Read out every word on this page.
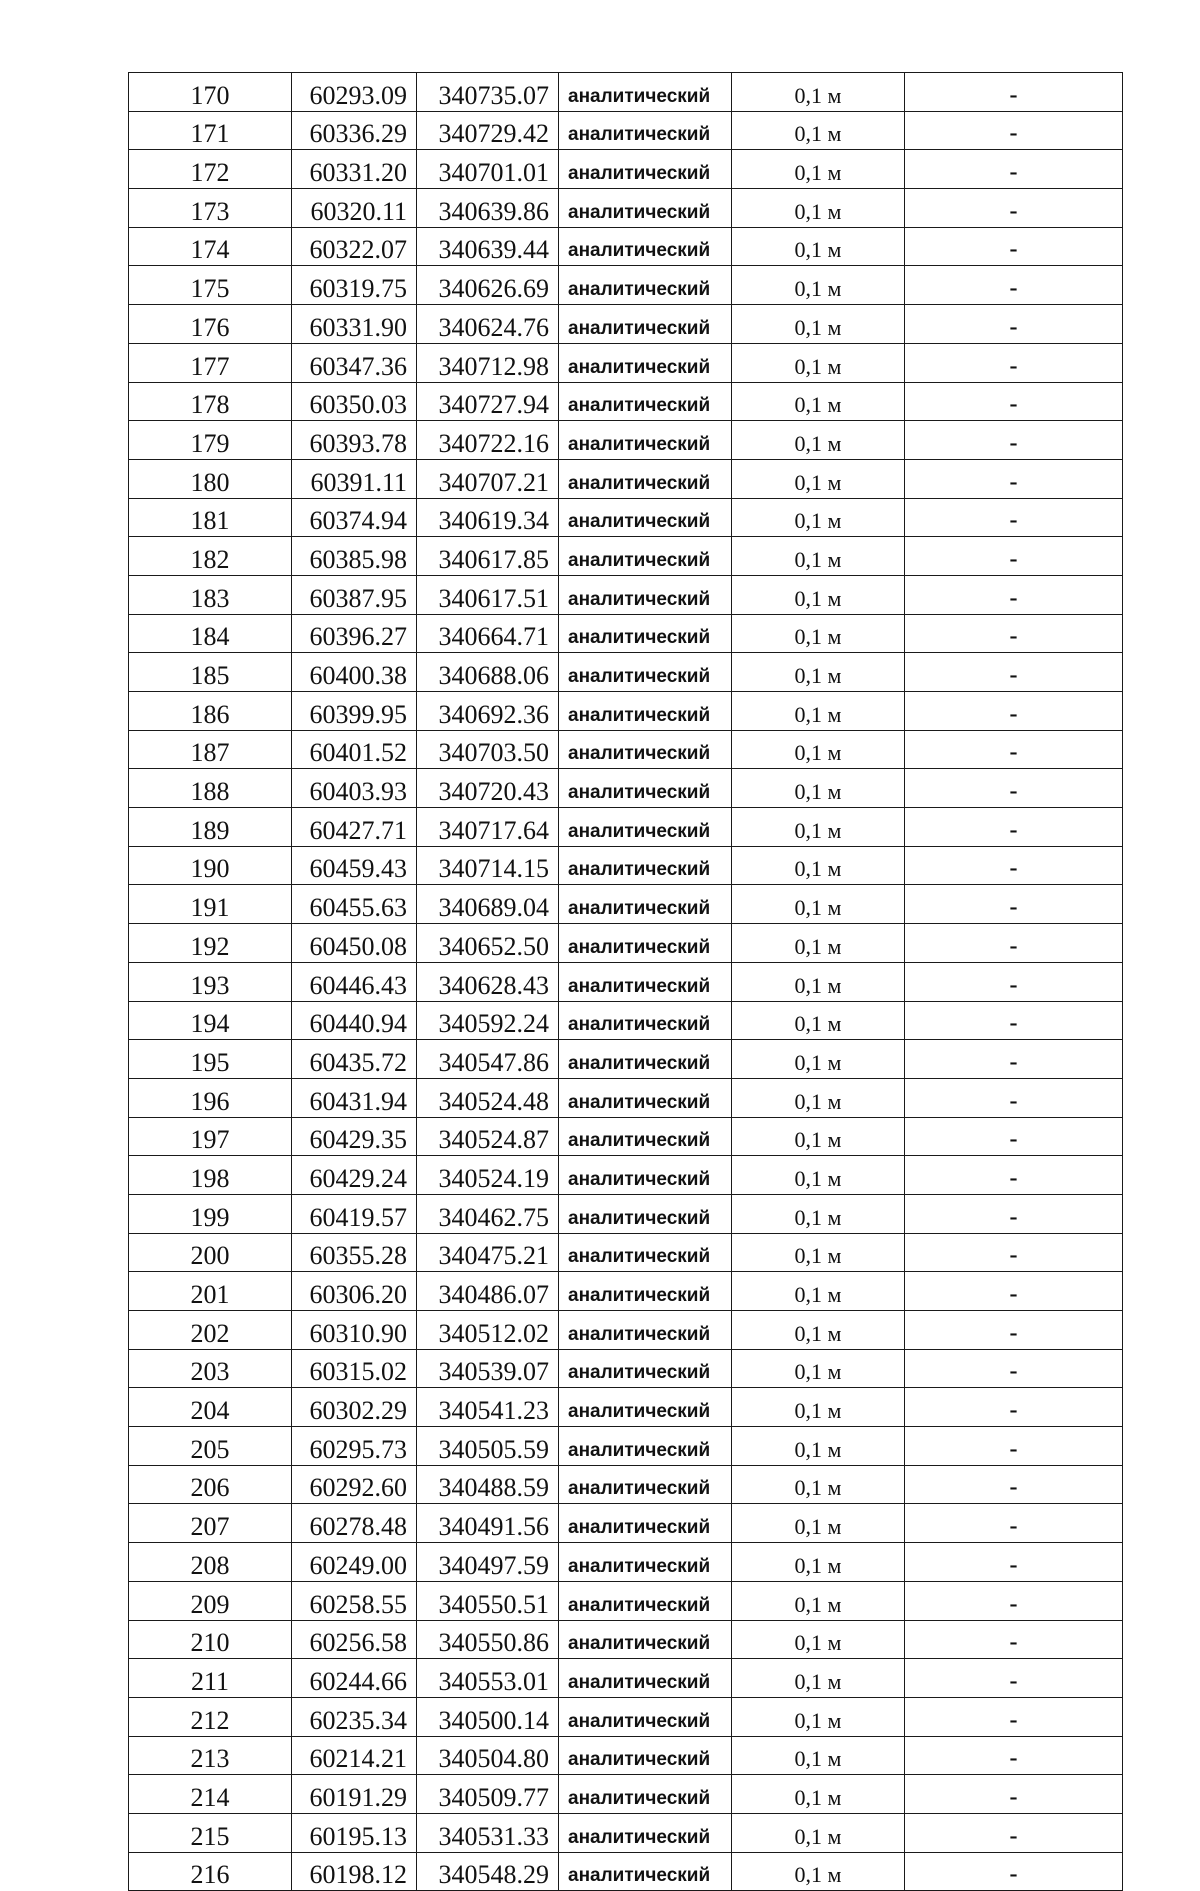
170	60293.09	340735.07	аналитический	0,1 м	-
171	60336.29	340729.42	аналитический	0,1 м	-
172	60331.20	340701.01	аналитический	0,1 м	-
173	60320.11	340639.86	аналитический	0,1 м	-
174	60322.07	340639.44	аналитический	0,1 м	-
175	60319.75	340626.69	аналитический	0,1 м	-
176	60331.90	340624.76	аналитический	0,1 м	-
177	60347.36	340712.98	аналитический	0,1 м	-
178	60350.03	340727.94	аналитический	0,1 м	-
179	60393.78	340722.16	аналитический	0,1 м	-
180	60391.11	340707.21	аналитический	0,1 м	-
181	60374.94	340619.34	аналитический	0,1 м	-
182	60385.98	340617.85	аналитический	0,1 м	-
183	60387.95	340617.51	аналитический	0,1 м	-
184	60396.27	340664.71	аналитический	0,1 м	-
185	60400.38	340688.06	аналитический	0,1 м	-
186	60399.95	340692.36	аналитический	0,1 м	-
187	60401.52	340703.50	аналитический	0,1 м	-
188	60403.93	340720.43	аналитический	0,1 м	-
189	60427.71	340717.64	аналитический	0,1 м	-
190	60459.43	340714.15	аналитический	0,1 м	-
191	60455.63	340689.04	аналитический	0,1 м	-
192	60450.08	340652.50	аналитический	0,1 м	-
193	60446.43	340628.43	аналитический	0,1 м	-
194	60440.94	340592.24	аналитический	0,1 м	-
195	60435.72	340547.86	аналитический	0,1 м	-
196	60431.94	340524.48	аналитический	0,1 м	-
197	60429.35	340524.87	аналитический	0,1 м	-
198	60429.24	340524.19	аналитический	0,1 м	-
199	60419.57	340462.75	аналитический	0,1 м	-
200	60355.28	340475.21	аналитический	0,1 м	-
201	60306.20	340486.07	аналитический	0,1 м	-
202	60310.90	340512.02	аналитический	0,1 м	-
203	60315.02	340539.07	аналитический	0,1 м	-
204	60302.29	340541.23	аналитический	0,1 м	-
205	60295.73	340505.59	аналитический	0,1 м	-
206	60292.60	340488.59	аналитический	0,1 м	-
207	60278.48	340491.56	аналитический	0,1 м	-
208	60249.00	340497.59	аналитический	0,1 м	-
209	60258.55	340550.51	аналитический	0,1 м	-
210	60256.58	340550.86	аналитический	0,1 м	-
211	60244.66	340553.01	аналитический	0,1 м	-
212	60235.34	340500.14	аналитический	0,1 м	-
213	60214.21	340504.80	аналитический	0,1 м	-
214	60191.29	340509.77	аналитический	0,1 м	-
215	60195.13	340531.33	аналитический	0,1 м	-
216	60198.12	340548.29	аналитический	0,1 м	-
